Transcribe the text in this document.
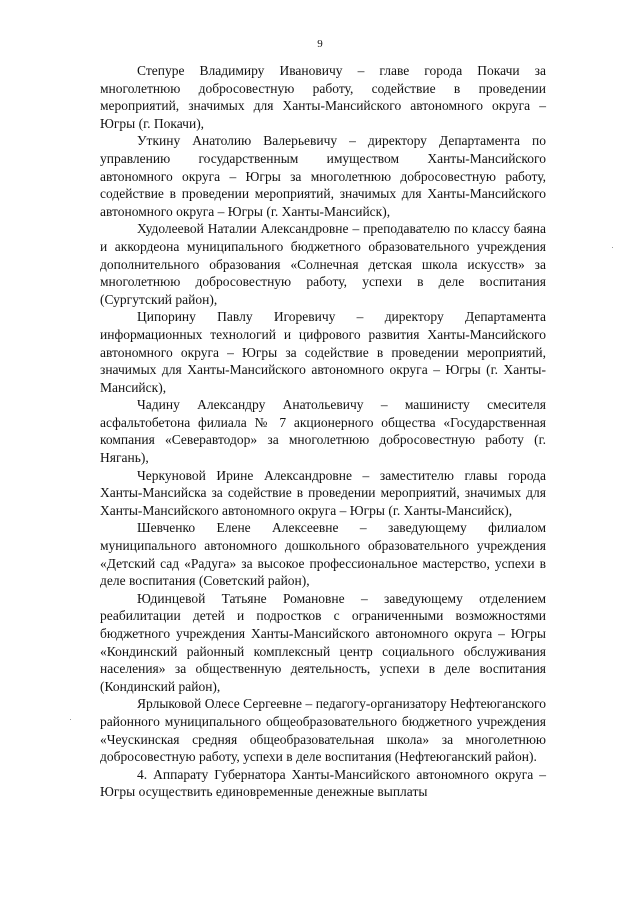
9

Степуре Владимиру Ивановичу – главе города Покачи за многолетнюю добросовестную работу, содействие в проведении мероприятий, значимых для Ханты-Мансийского автономного округа – Югры (г. Покачи),

Уткину Анатолию Валерьевичу – директору Департамента по управлению государственным имуществом Ханты-Мансийского автономного округа – Югры за многолетнюю добросовестную работу, содействие в проведении мероприятий, значимых для Ханты-Мансийского автономного округа – Югры (г. Ханты-Мансийск),

Худолеевой Наталии Александровне – преподавателю по классу баяна и аккордеона муниципального бюджетного образовательного учреждения дополнительного образования «Солнечная детская школа искусств» за многолетнюю добросовестную работу, успехи в деле воспитания (Сургутский район),

Ципорину Павлу Игоревичу – директору Департамента информационных технологий и цифрового развития Ханты-Мансийского автономного округа – Югры за содействие в проведении мероприятий, значимых для Ханты-Мансийского автономного округа – Югры (г. Ханты-Мансийск),

Чадину Александру Анатольевичу – машинисту смесителя асфальтобетона филиала № 7 акционерного общества «Государственная компания «Северавтодор» за многолетнюю добросовестную работу (г. Нягань),

Черкуновой Ирине Александровне – заместителю главы города Ханты-Мансийска за содействие в проведении мероприятий, значимых для Ханты-Мансийского автономного округа – Югры (г. Ханты-Мансийск),

Шевченко Елене Алексеевне – заведующему филиалом муниципального автономного дошкольного образовательного учреждения «Детский сад «Радуга» за высокое профессиональное мастерство, успехи в деле воспитания (Советский район),

Юдинцевой Татьяне Романовне – заведующему отделением реабилитации детей и подростков с ограниченными возможностями бюджетного учреждения Ханты-Мансийского автономного округа – Югры «Кондинский районный комплексный центр социального обслуживания населения» за общественную деятельность, успехи в деле воспитания (Кондинский район),

Ярлыковой Олесе Сергеевне – педагогу-организатору Нефтеюганского районного муниципального общеобразовательного бюджетного учреждения «Чеускинская средняя общеобразовательная школа» за многолетнюю добросовестную работу, успехи в деле воспитания (Нефтеюганский район).

4. Аппарату Губернатора Ханты-Мансийского автономного округа – Югры осуществить единовременные денежные выплаты
